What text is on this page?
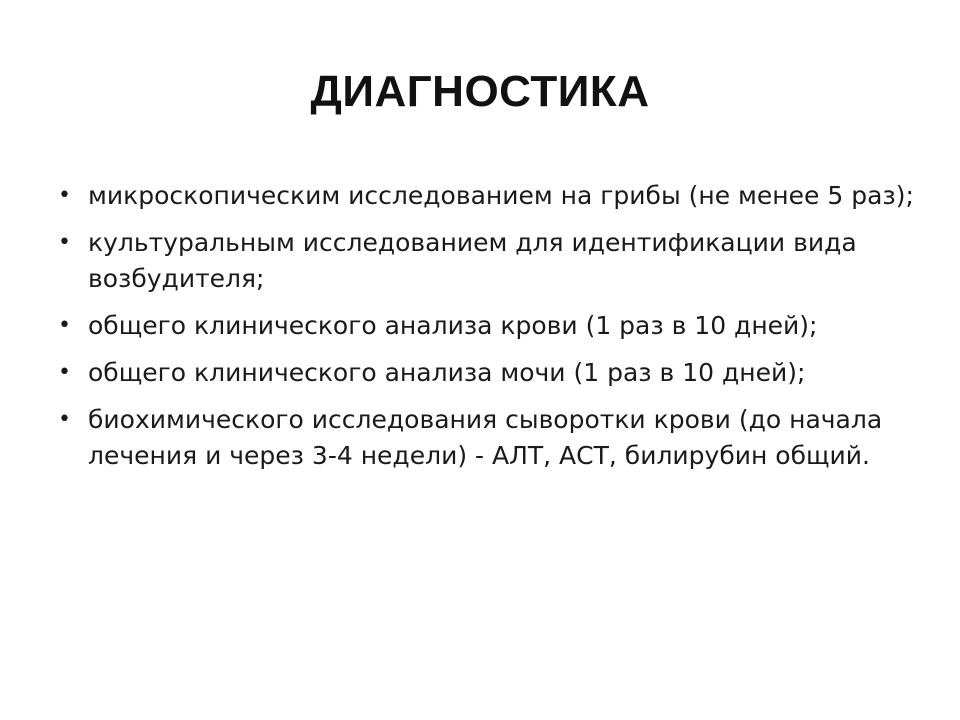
ДИАГНОСТИКА
• микроскопическим исследованием на грибы (не менее 5 раз);
• культуральным исследованием для идентификации вида возбудителя;
• общего клинического анализа крови (1 раз в 10 дней);
• общего клинического анализа мочи (1 раз в 10 дней);
• биохимического исследования сыворотки крови (до начала лечения и через 3-4 недели) - АЛТ, АСТ, билирубин общий.
